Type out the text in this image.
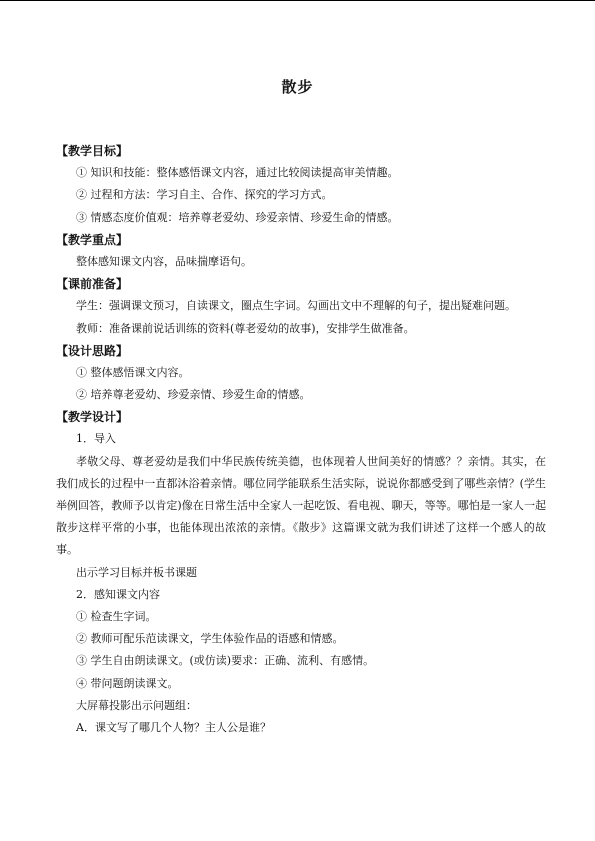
散步
【教学目标】
① 知识和技能：整体感悟课文内容，通过比较阅读提高审美情趣。
② 过程和方法：学习自主、合作、探究的学习方式。
③ 情感态度价值观：培养尊老爱幼、珍爱亲情、珍爱生命的情感。
【教学重点】
整体感知课文内容，品味揣摩语句。
【课前准备】

学生：强调课文预习，自读课文，圈点生字词。勾画出文中不理解的句子，提出疑难问题。

教师：准备课前说话训练的资料(尊老爱幼的故事)，安排学生做准备。
【设计思路】
① 整体感悟课文内容。
② 培养尊老爱幼、珍爱亲情、珍爱生命的情感。
【教学设计】
1．导入

孝敬父母、尊老爱幼是我们中华民族传统美德，也体现着人世间美好的情感？？亲情。其实，在我们成长的过程中一直都沐浴着亲情。哪位同学能联系生活实际，说说你都感受到了哪些亲情？(学生举例回答，教师予以肯定)像在日常生活中全家人一起吃饭、看电视、聊天，等等。哪怕是一家人一起散步这样平常的小事，也能体现出浓浓的亲情。《散步》这篇课文就为我们讲述了这样一个感人的故事。

出示学习目标并板书课题
2．感知课文内容
① 检查生字词。
② 教师可配乐范读课文，学生体验作品的语感和情感。
③ 学生自由朗读课文。(或仿读)要求：正确、流利、有感情。
④ 带问题朗读课文。
大屏幕投影出示问题组：
A．课文写了哪几个人物？主人公是谁？
